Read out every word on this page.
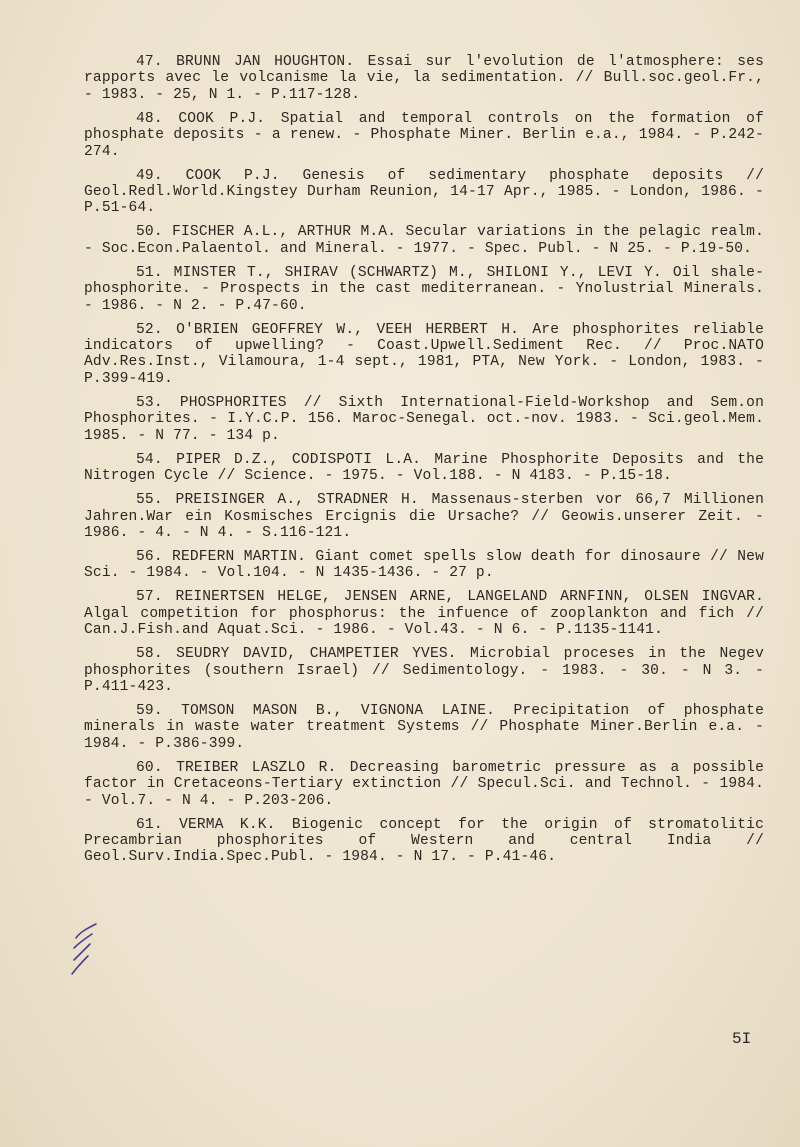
47. BRUNN JAN HOUGHTON. Essai sur l'evolution de l'atmosphere: ses rapports avec le volcanisme la vie, la sedimentation. // Bull.soc.geol.Fr., - 1983. - 25, N 1. - P.117-128.

48. COOK P.J. Spatial and temporal controls on the formation of phosphate deposits - a renew. - Phosphate Miner. Berlin e.a., 1984. - P.242-274.

49. COOK P.J. Genesis of sedimentary phosphate deposits // Geol.Redl.World.Kingstey Durham Reunion, 14-17 Apr., 1985. - London, 1986. - P.51-64.

50. FISCHER A.L., ARTHUR M.A. Secular variations in the pelagic realm. - Soc.Econ.Palaentol. and Mineral. - 1977. - Spec. Publ. - N 25. - P.19-50.

51. MINSTER T., SHIRAV (SCHWARTZ) M., SHILONI Y., LEVI Y. Oil shale-phosphorite. - Prospects in the cast mediterranean. - Ynolustrial Minerals. - 1986. - N 2. - P.47-60.

52. O'BRIEN GEOFFREY W., VEEH HERBERT H. Are phosphorites reliable indicators of upwelling? - Coast.Upwell.Sediment Rec. // Proc.NATO Adv.Res.Inst., Vilamoura, 1-4 sept., 1981, PTA, New York. - London, 1983. - P.399-419.

53. PHOSPHORITES // Sixth International-Field-Workshop and Sem.on Phosphorites. - I.Y.C.P. 156. Maroc-Senegal. oct.-nov. 1983. - Sci.geol.Mem. 1985. - N 77. - 134 p.

54. PIPER D.Z., CODISPOTI L.A. Marine Phosphorite Deposits and the Nitrogen Cycle // Science. - 1975. - Vol.188. - N 4183. - P.15-18.

55. PREISINGER A., STRADNER H. Massenaus-sterben vor 66,7 Millionen Jahren.War ein Kosmisches Ercignis die Ursache? // Geowis.unserer Zeit. - 1986. - 4. - N 4. - S.116-121.

56. REDFERN MARTIN. Giant comet spells slow death for dinosaure // New Sci. - 1984. - Vol.104. - N 1435-1436. - 27 p.

57. REINERTSEN HELGE, JENSEN ARNE, LANGELAND ARNFINN, OLSEN INGVAR. Algal competition for phosphorus: the infuence of zooplankton and fich // Can.J.Fish.and Aquat.Sci. - 1986. - Vol.43. - N 6. - P.1135-1141.

58. SEUDRY DAVID, CHAMPETIER YVES. Microbial proceses in the Negev phosphorites (southern Israel) // Sedimentology. - 1983. - 30. - N 3. - P.411-423.

59. TOMSON MASON B., VIGNONA LAINE. Precipitation of phosphate minerals in waste water treatment Systems // Phosphate Miner.Berlin e.a. - 1984. - P.386-399.

60. TREIBER LASZLO R. Decreasing barometric pressure as a possible factor in Cretaceons-Tertiary extinction // Specul.Sci. and Technol. - 1984. - Vol.7. - N 4. - P.203-206.

61. VERMA K.K. Biogenic concept for the origin of stromatolitic Precambrian phosphorites of Western and central India // Geol.Surv.India.Spec.Publ. - 1984. - N 17. - P.41-46.

5I
